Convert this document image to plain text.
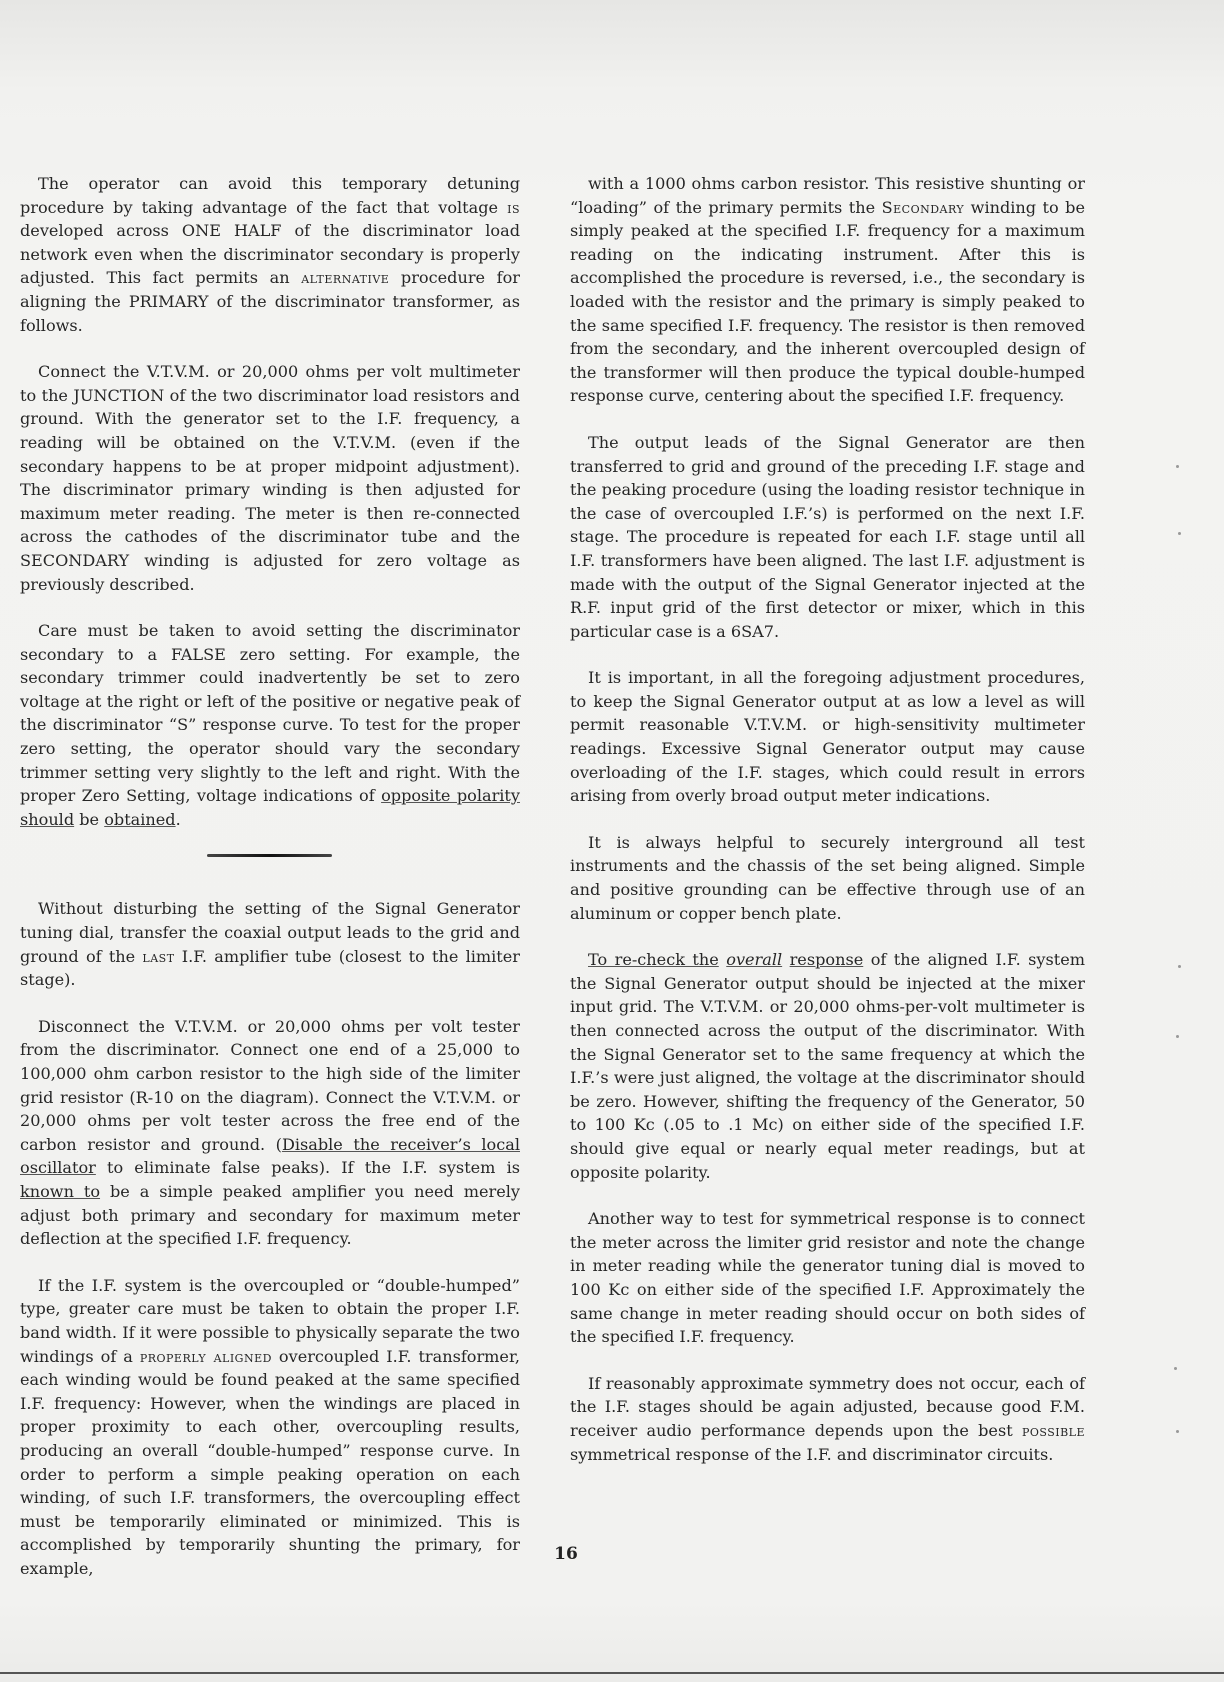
The operator can avoid this temporary detuning procedure by taking advantage of the fact that voltage is developed across ONE HALF of the discriminator load network even when the discriminator secondary is properly adjusted. This fact permits an alternative procedure for aligning the PRIMARY of the discriminator transformer, as follows.

Connect the V.T.V.M. or 20,000 ohms per volt multimeter to the JUNCTION of the two discriminator load resistors and ground. With the generator set to the I.F. frequency, a reading will be obtained on the V.T.V.M. (even if the secondary happens to be at proper midpoint adjustment). The discriminator primary winding is then adjusted for maximum meter reading. The meter is then re-connected across the cathodes of the discriminator tube and the SECONDARY winding is adjusted for zero voltage as previously described.

Care must be taken to avoid setting the discriminator secondary to a FALSE zero setting. For example, the secondary trimmer could inadvertently be set to zero voltage at the right or left of the positive or negative peak of the discriminator “S” response curve. To test for the proper zero setting, the operator should vary the secondary trimmer setting very slightly to the left and right. With the proper Zero Setting, voltage indications of opposite polarity should be obtained.

Without disturbing the setting of the Signal Generator tuning dial, transfer the coaxial output leads to the grid and ground of the last I.F. amplifier tube (closest to the limiter stage).

Disconnect the V.T.V.M. or 20,000 ohms per volt tester from the discriminator. Connect one end of a 25,000 to 100,000 ohm carbon resistor to the high side of the limiter grid resistor (R-10 on the diagram). Connect the V.T.V.M. or 20,000 ohms per volt tester across the free end of the carbon resistor and ground. (Disable the receiver’s local oscillator to eliminate false peaks). If the I.F. system is known to be a simple peaked amplifier you need merely adjust both primary and secondary for maximum meter deflection at the specified I.F. frequency.

If the I.F. system is the overcoupled or “double-humped” type, greater care must be taken to obtain the proper I.F. band width. If it were possible to physically separate the two windings of a properly aligned overcoupled I.F. transformer, each winding would be found peaked at the same specified I.F. frequency: However, when the windings are placed in proper proximity to each other, overcoupling results, producing an overall “double-humped” response curve. In order to perform a simple peaking operation on each winding, of such I.F. transformers, the overcoupling effect must be temporarily eliminated or minimized. This is accomplished by temporarily shunting the primary, for example,

with a 1000 ohms carbon resistor. This resistive shunting or “loading” of the primary permits the Secondary winding to be simply peaked at the specified I.F. frequency for a maximum reading on the indicating instrument. After this is accomplished the procedure is reversed, i.e., the secondary is loaded with the resistor and the primary is simply peaked to the same specified I.F. frequency. The resistor is then removed from the secondary, and the inherent overcoupled design of the transformer will then produce the typical double-humped response curve, centering about the specified I.F. frequency.

The output leads of the Signal Generator are then transferred to grid and ground of the preceding I.F. stage and the peaking procedure (using the loading resistor technique in the case of overcoupled I.F.’s) is performed on the next I.F. stage. The procedure is repeated for each I.F. stage until all I.F. transformers have been aligned. The last I.F. adjustment is made with the output of the Signal Generator injected at the R.F. input grid of the first detector or mixer, which in this particular case is a 6SA7.

It is important, in all the foregoing adjustment procedures, to keep the Signal Generator output at as low a level as will permit reasonable V.T.V.M. or high-sensitivity multimeter readings. Excessive Signal Generator output may cause overloading of the I.F. stages, which could result in errors arising from overly broad output meter indications.

It is always helpful to securely interground all test instruments and the chassis of the set being aligned. Simple and positive grounding can be effective through use of an aluminum or copper bench plate.

To re-check the overall response of the aligned I.F. system the Signal Generator output should be injected at the mixer input grid. The V.T.V.M. or 20,000 ohms-per-volt multimeter is then connected across the output of the discriminator. With the Signal Generator set to the same frequency at which the I.F.’s were just aligned, the voltage at the discriminator should be zero. However, shifting the frequency of the Generator, 50 to 100 Kc (.05 to .1 Mc) on either side of the specified I.F. should give equal or nearly equal meter readings, but at opposite polarity.

Another way to test for symmetrical response is to connect the meter across the limiter grid resistor and note the change in meter reading while the generator tuning dial is moved to 100 Kc on either side of the specified I.F. Approximately the same change in meter reading should occur on both sides of the specified I.F. frequency.

If reasonably approximate symmetry does not occur, each of the I.F. stages should be again adjusted, because good F.M. receiver audio performance depends upon the best possible symmetrical response of the I.F. and discriminator circuits.

16
